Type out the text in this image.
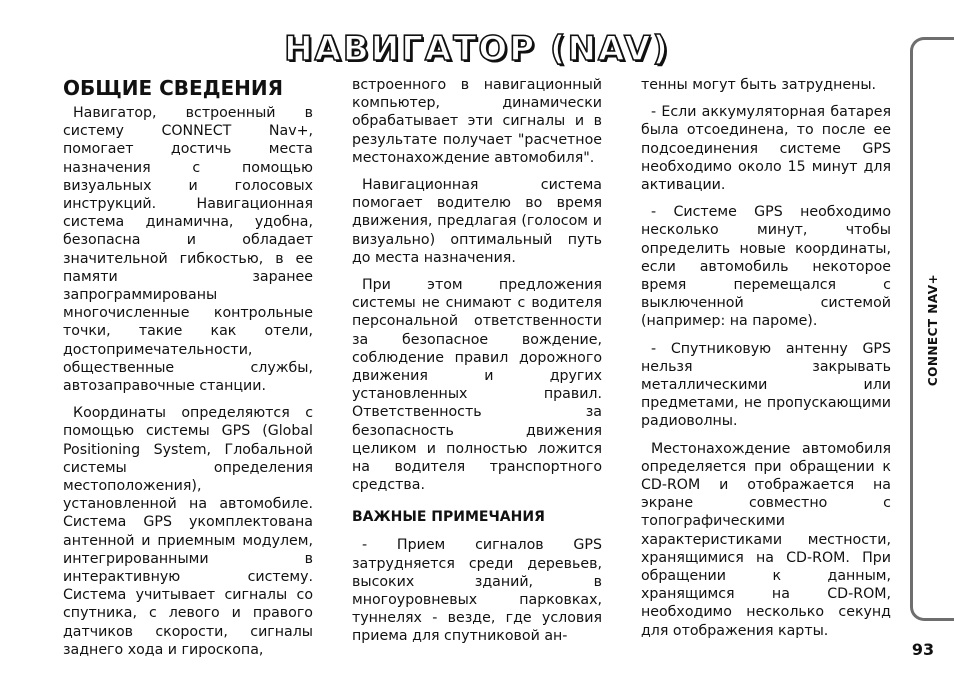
НАВИГАТОР (NAV)
ОБЩИЕ СВЕДЕНИЯ

Навигатор, встроенный в систему CONNECT Nav+, помогает достичь места назначения с помощью визуальных и голосовых инструкций. Навигационная система динамична, удобна, безопасна и обладает значительной гибкостью, в ее памяти заранее запрограммированы многочисленные контрольные точки, такие как отели, достопримечательности, общественные службы, автозаправочные станции.

Координаты определяются с помощью системы GPS (Global Positioning System, Глобальной системы определения местоположения), установленной на автомобиле. Система GPS укомплектована антенной и приемным модулем, интегрированными в интерактивную систему. Система учитывает сигналы со спутника, с левого и правого датчиков скорости, сигналы заднего хода и гироскопа,

встроенного в навигационный компьютер, динамически обрабатывает эти сигналы и в результате получает "расчетное местонахождение автомобиля".

Навигационная система помогает водителю во время движения, предлагая (голосом и визуально) оптимальный путь до места назначения.

При этом предложения системы не снимают с водителя персональной ответственности за безопасное вождение, соблюдение правил дорожного движения и других установленных правил. Ответственность за безопасность движения целиком и полностью ложится на водителя транспортного средства.

ВАЖНЫЕ ПРИМЕЧАНИЯ

- Прием сигналов GPS затрудняется среди деревьев, высоких зданий, в многоуровневых парковках, туннелях - везде, где условия приема для спутниковой ан-

тенны могут быть затруднены.

- Если аккумуляторная батарея была отсоединена, то после ее подсоединения системе GPS необходимо около 15 минут для активации.

- Системе GPS необходимо несколько минут, чтобы определить новые координаты, если автомобиль некоторое время перемещался с выключенной системой (например: на пароме).

- Спутниковую антенну GPS нельзя закрывать металлическими или предметами, не пропускающими радиоволны.

Местонахождение автомобиля определяется при обращении к CD-ROM и отображается на экране совместно с топографическими характеристиками местности, хранящимися на CD-ROM. При обращении к данным, хранящимся на CD-ROM, необходимо несколько секунд для отображения карты.

CONNECT NAV+
93
